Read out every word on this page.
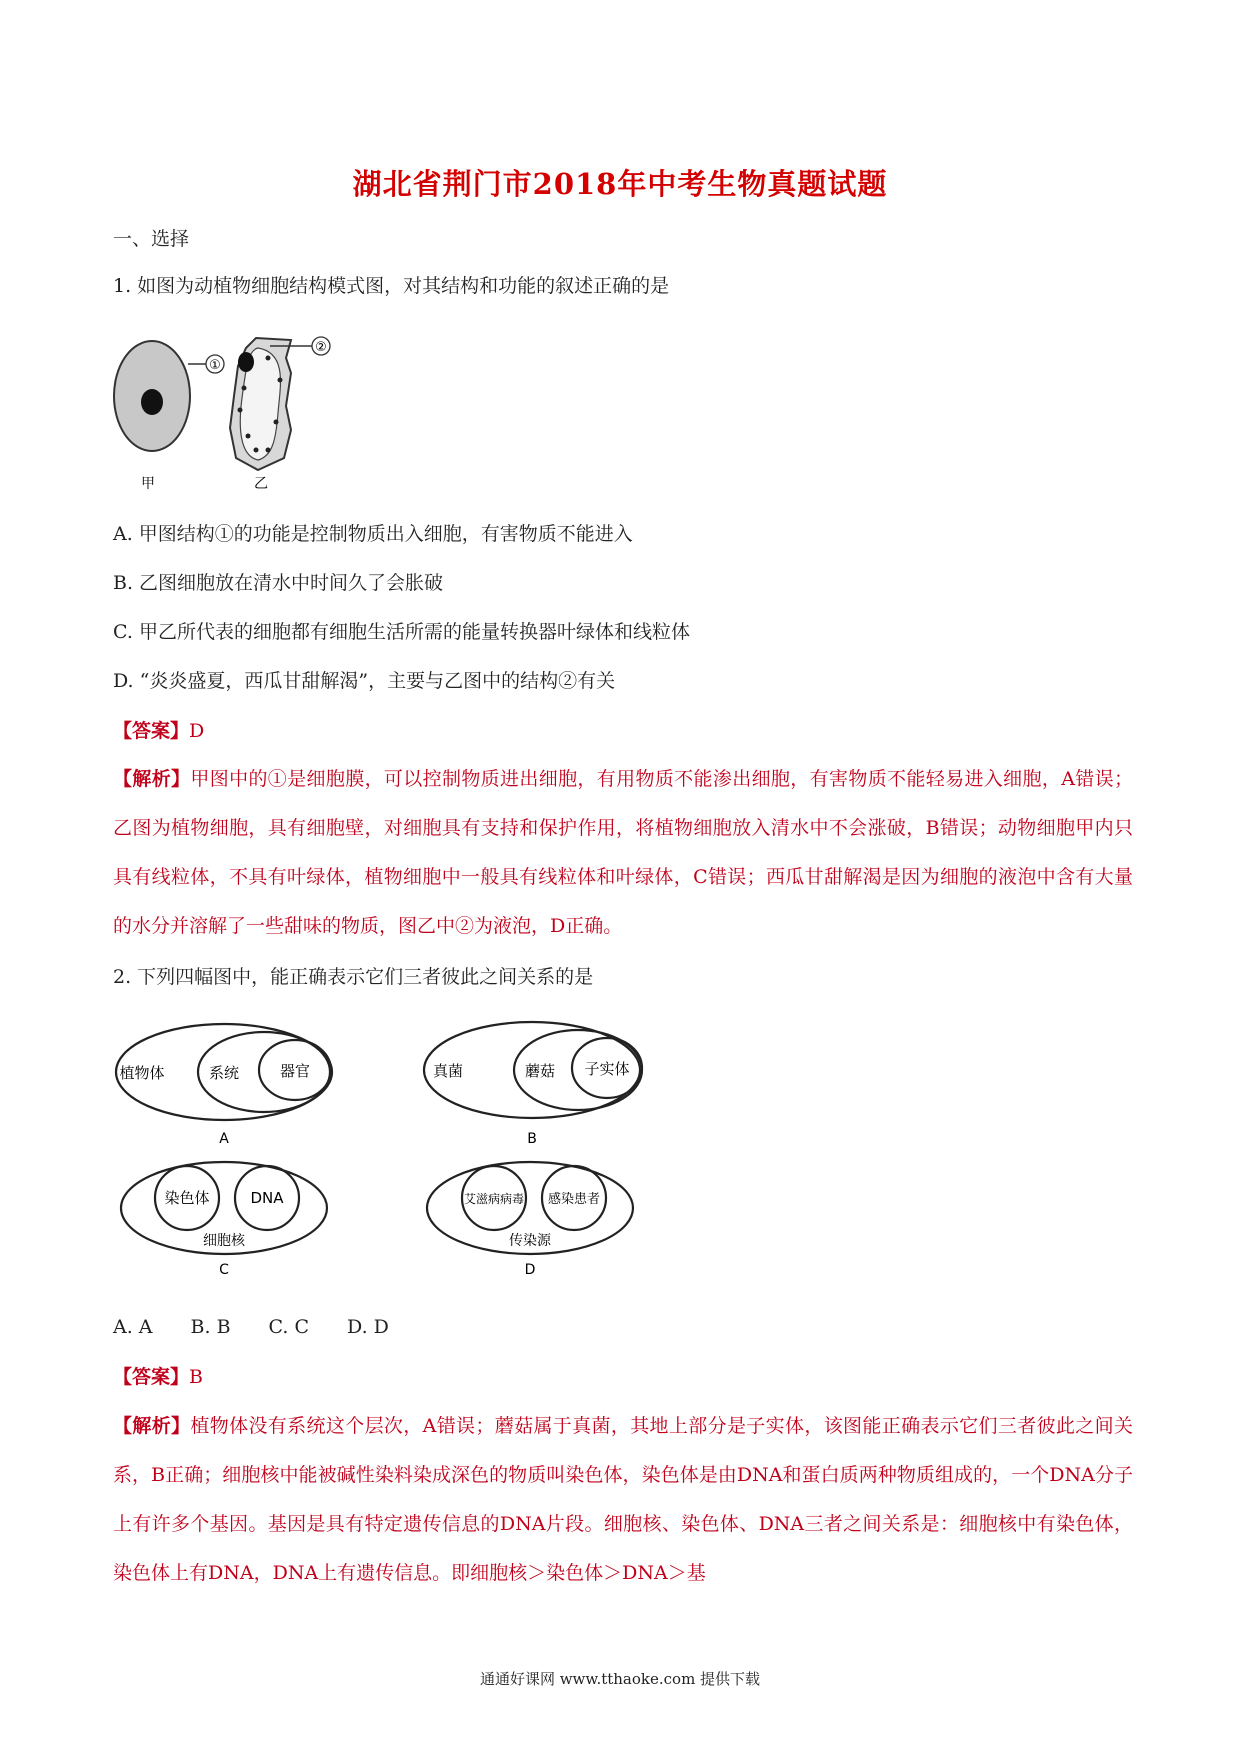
湖北省荆门市2018年中考生物真题试题
一、选择
1. 如图为动植物细胞结构模式图，对其结构和功能的叙述正确的是
①
②
甲	乙
A. 甲图结构①的功能是控制物质出入细胞，有害物质不能进入
B. 乙图细胞放在清水中时间久了会胀破
C. 甲乙所代表的细胞都有细胞生活所需的能量转换器叶绿体和线粒体
D. “炎炎盛夏，西瓜甘甜解渴”，主要与乙图中的结构②有关
【答案】D
【解析】甲图中的①是细胞膜，可以控制物质进出细胞，有用物质不能渗出细胞，有害物质不能轻易进入细胞，A错误；乙图为植物细胞，具有细胞壁，对细胞具有支持和保护作用，将植物细胞放入清水中不会涨破，B错误；动物细胞甲内只具有线粒体，不具有叶绿体，植物细胞中一般具有线粒体和叶绿体，C错误；西瓜甘甜解渴是因为细胞的液泡中含有大量的水分并溶解了一些甜味的物质，图乙中②为液泡，D正确。
2. 下列四幅图中，能正确表示它们三者彼此之间关系的是
植物体	系统	器官
A
真菌	蘑菇 子实体
B
染色体	DNA
细胞核
C
艾滋病病毒 感染患者
传染源
D
A. A B. B C. C D. D
【答案】B
【解析】植物体没有系统这个层次，A错误；蘑菇属于真菌，其地上部分是子实体，该图能正确表示它们三者彼此之间关系，B正确；细胞核中能被碱性染料染成深色的物质叫染色体，染色体是由DNA和蛋白质两种物质组成的，一个DNA分子上有许多个基因。基因是具有特定遗传信息的DNA片段。细胞核、染色体、DNA三者之间关系是：细胞核中有染色体，染色体上有DNA，DNA上有遗传信息。即细胞核＞染色体＞DNA＞基
通通好课网 www.tthaoke.com 提供下载
